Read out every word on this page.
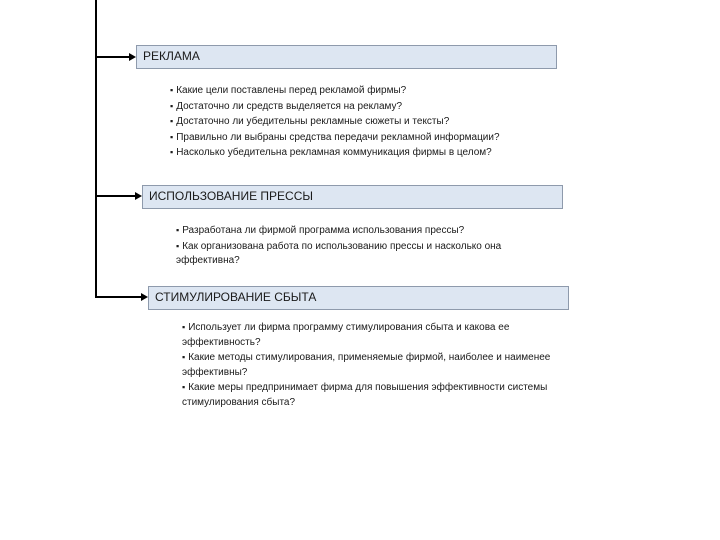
РЕКЛАМА
▪ Какие цели поставлены перед рекламой фирмы?
▪ Достаточно ли средств выделяется на рекламу?
▪ Достаточно ли убедительны рекламные сюжеты и тексты?
▪ Правильно ли выбраны средства передачи рекламной информации?
▪ Насколько убедительна рекламная коммуникация фирмы в целом?
ИСПОЛЬЗОВАНИЕ ПРЕССЫ
▪ Разработана ли фирмой программа использования прессы?
▪ Как организована работа по использованию прессы и насколько она эффективна?
СТИМУЛИРОВАНИЕ СБЫТА
▪ Использует ли фирма программу стимулирования сбыта и какова ее эффективность?
▪ Какие методы стимулирования, применяемые фирмой, наиболее и наименее эффективны?
▪ Какие меры предпринимает фирма для повышения эффективности системы стимулирования сбыта?
